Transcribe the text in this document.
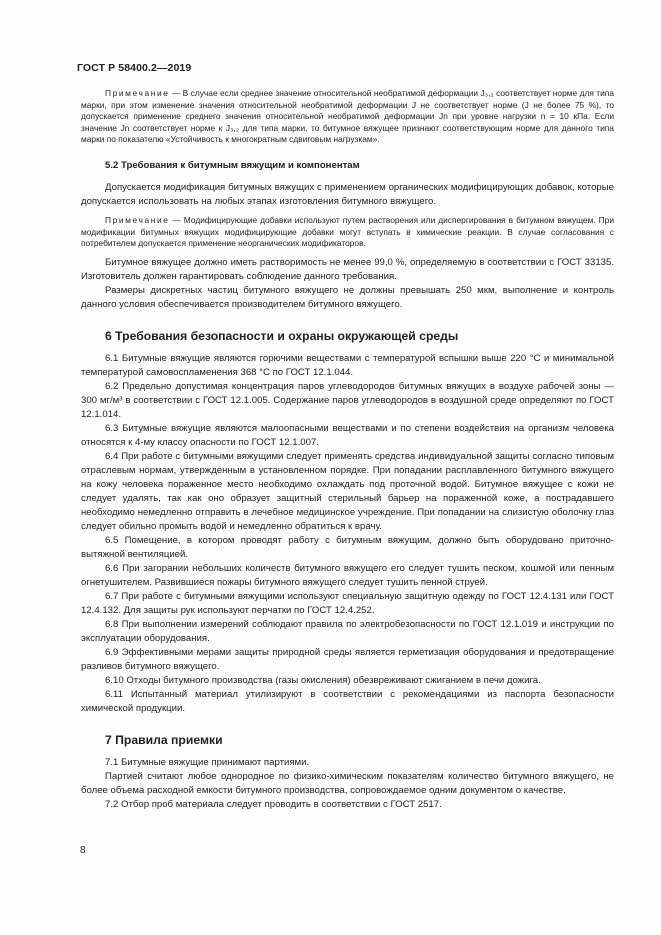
ГОСТ Р 58400.2—2019

Примечание — В случае если среднее значение относительной необратимой деформации J₃,₂ соответствует норме для типа марки, при этом изменение значения относительной необратимой деформации J не соответствует норме (J не более 75 %), то допускается применение среднего значения относительной необратимой деформации Jn при уровне нагрузки n = 10 кПа. Если значение Jn соответствует норме к J₃,₂ для типа марки, то битумное вяжущее признают соответствующим норме для данного типа марки по показателю «Устойчивость к многократным сдвиговым нагрузкам».

5.2 Требования к битумным вяжущим и компонентам

Допускается модификация битумных вяжущих с применением органических модифицирующих добавок, которые допускается использовать на любых этапах изготовления битумного вяжущего.

Примечание — Модифицирующие добавки используют путем растворения или диспергирования в битумном вяжущем. При модификации битумных вяжущих модифицирующие добавки могут вступать в химические реакции. В случае согласования с потребителем допускается применение неорганических модификаторов.

Битумное вяжущее должно иметь растворимость не менее 99,0 %, определяемую в соответствии с ГОСТ 33135. Изготовитель должен гарантировать соблюдение данного требования.

Размеры дискретных частиц битумного вяжущего не должны превышать 250 мкм, выполнение и контроль данного условия обеспечивается производителем битумного вяжущего.

6 Требования безопасности и охраны окружающей среды

6.1 Битумные вяжущие являются горючими веществами с температурой вспышки выше 220 °C и минимальной температурой самовоспламенения 368 °C по ГОСТ 12.1.044.

6.2 Предельно допустимая концентрация паров углеводородов битумных вяжущих в воздухе рабочей зоны — 300 мг/м³ в соответствии с ГОСТ 12.1.005. Содержание паров углеводородов в воздушной среде определяют по ГОСТ 12.1.014.

6.3 Битумные вяжущие являются малоопасными веществами и по степени воздействия на организм человека относятся к 4-му классу опасности по ГОСТ 12.1.007.

6.4 При работе с битумными вяжущими следует применять средства индивидуальной защиты согласно типовым отраслевым нормам, утвержденным в установленном порядке. При попадании расплавленного битумного вяжущего на кожу человека пораженное место необходимо охлаждать под проточной водой. Битумное вяжущее с кожи не следует удалять, так как оно образует защитный стерильный барьер на пораженной коже, а пострадавшего необходимо немедленно отправить в лечебное медицинское учреждение. При попадании на слизистую оболочку глаз следует обильно промыть водой и немедленно обратиться к врачу.

6.5 Помещение, в котором проводят работу с битумным вяжущим, должно быть оборудовано приточно-вытяжной вентиляцией.

6.6 При загорании небольших количеств битумного вяжущего его следует тушить песком, кошмой или пенным огнетушителем. Развившиеся пожары битумного вяжущего следует тушить пенной струей.

6.7 При работе с битумными вяжущими используют специальную защитную одежду по ГОСТ 12.4.131 или ГОСТ 12.4.132. Для защиты рук используют перчатки по ГОСТ 12.4.252.

6.8 При выполнении измерений соблюдают правила по электробезопасности по ГОСТ 12.1.019 и инструкции по эксплуатации оборудования.

6.9 Эффективными мерами защиты природной среды является герметизация оборудования и предотвращение разливов битумного вяжущего.

6.10 Отходы битумного производства (газы окисления) обезвреживают сжиганием в печи дожига.

6.11 Испытанный материал утилизируют в соответствии с рекомендациями из паспорта безопасности химической продукции.

7 Правила приемки

7.1 Битумные вяжущие принимают партиями.

Партией считают любое однородное по физико-химическим показателям количество битумного вяжущего, не более объема расходной емкости битумного производства, сопровождаемое одним документом о качестве.

7.2 Отбор проб материала следует проводить в соответствии с ГОСТ 2517.

8
